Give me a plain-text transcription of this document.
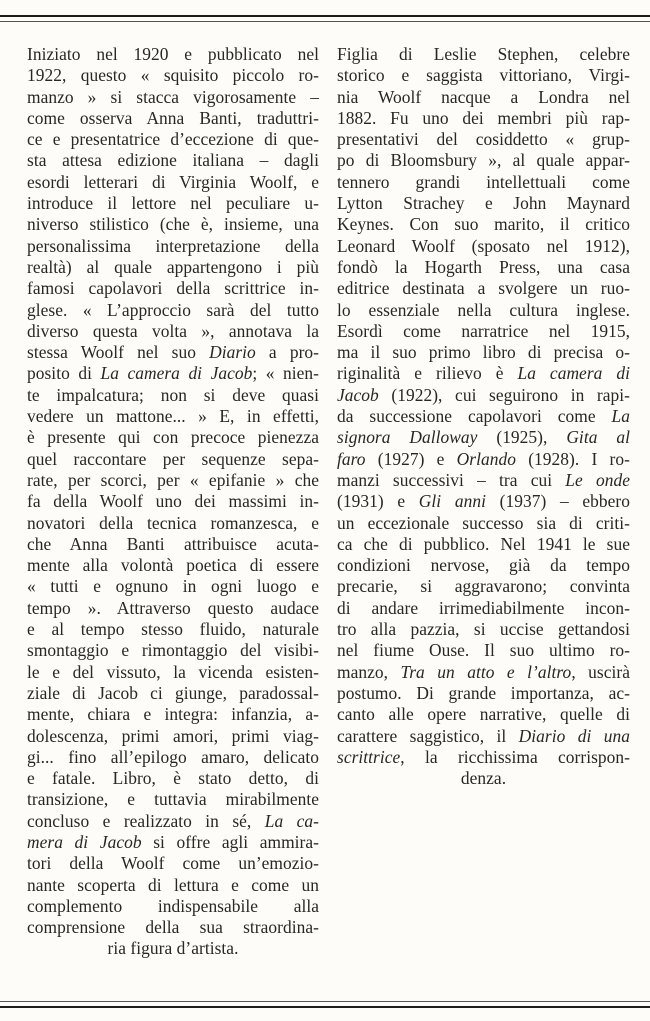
Iniziato nel 1920 e pubblicato nel
1922, questo « squisito piccolo ro-
manzo » si stacca vigorosamente –
come osserva Anna Banti, traduttri-
ce e presentatrice d’eccezione di que-
sta attesa edizione italiana – dagli
esordi letterari di Virginia Woolf, e
introduce il lettore nel peculiare u-
niverso stilistico (che è, insieme, una
personalissima interpretazione della
realtà) al quale appartengono i più
famosi capolavori della scrittrice in-
glese. « L’approccio sarà del tutto
diverso questa volta », annotava la
stessa Woolf nel suo Diario a pro-
posito di La camera di Jacob; « nien-
te impalcatura; non si deve quasi
vedere un mattone... » E, in effetti,
è presente qui con precoce pienezza
quel raccontare per sequenze sepa-
rate, per scorci, per « epifanie » che
fa della Woolf uno dei massimi in-
novatori della tecnica romanzesca, e
che Anna Banti attribuisce acuta-
mente alla volontà poetica di essere
« tutti e ognuno in ogni luogo e
tempo ». Attraverso questo audace
e al tempo stesso fluido, naturale
smontaggio e rimontaggio del visibi-
le e del vissuto, la vicenda esisten-
ziale di Jacob ci giunge, paradossal-
mente, chiara e integra: infanzia, a-
dolescenza, primi amori, primi viag-
gi... fino all’epilogo amaro, delicato
e fatale. Libro, è stato detto, di
transizione, e tuttavia mirabilmente
concluso e realizzato in sé, La ca-
mera di Jacob si offre agli ammira-
tori della Woolf come un’emozio-
nante scoperta di lettura e come un
complemento indispensabile alla
comprensione della sua straordina-
ria figura d’artista.
Figlia di Leslie Stephen, celebre
storico e saggista vittoriano, Virgi-
nia Woolf nacque a Londra nel
1882. Fu uno dei membri più rap-
presentativi del cosiddetto « grup-
po di Bloomsbury », al quale appar-
tennero grandi intellettuali come
Lytton Strachey e John Maynard
Keynes. Con suo marito, il critico
Leonard Woolf (sposato nel 1912),
fondò la Hogarth Press, una casa
editrice destinata a svolgere un ruo-
lo essenziale nella cultura inglese.
Esordì come narratrice nel 1915,
ma il suo primo libro di precisa o-
riginalità e rilievo è La camera di
Jacob (1922), cui seguirono in rapi-
da successione capolavori come La
signora Dalloway (1925), Gita al
faro (1927) e Orlando (1928). I ro-
manzi successivi – tra cui Le onde
(1931) e Gli anni (1937) – ebbero
un eccezionale successo sia di criti-
ca che di pubblico. Nel 1941 le sue
condizioni nervose, già da tempo
precarie, si aggravarono; convinta
di andare irrimediabilmente incon-
tro alla pazzia, si uccise gettandosi
nel fiume Ouse. Il suo ultimo ro-
manzo, Tra un atto e l’altro, uscirà
postumo. Di grande importanza, ac-
canto alle opere narrative, quelle di
carattere saggistico, il Diario di una
scrittrice, la ricchissima corrispon-
denza.
